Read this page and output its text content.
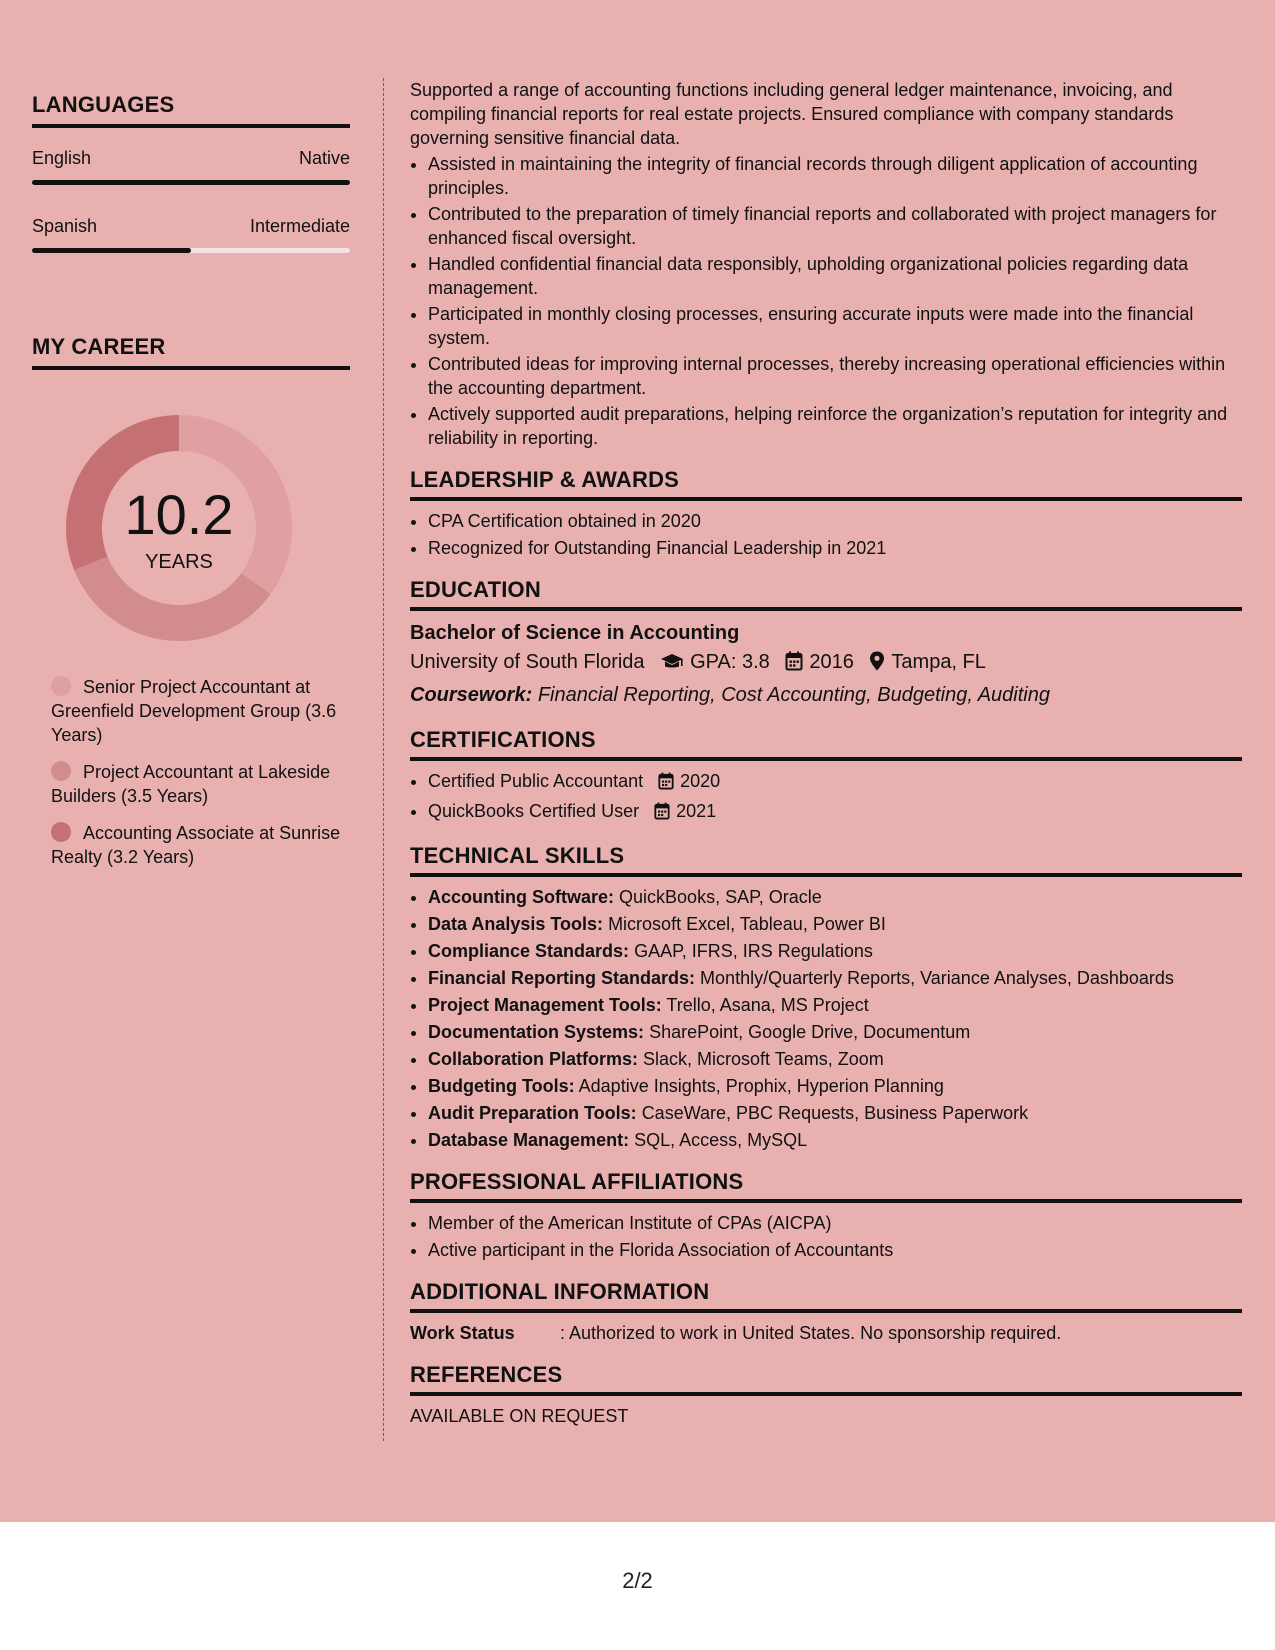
LANGUAGES
English	Native
Spanish	Intermediate
MY CAREER
10.2
YEARS
Senior Project Accountant at Greenfield Development Group (3.6 Years)
Project Accountant at Lakeside Builders (3.5 Years)
Accounting Associate at Sunrise Realty (3.2 Years)

Supported a range of accounting functions including general ledger maintenance, invoicing, and compiling financial reports for real estate projects. Ensured compliance with company standards governing sensitive financial data.

• Assisted in maintaining the integrity of financial records through diligent application of accounting principles.
• Contributed to the preparation of timely financial reports and collaborated with project managers for enhanced fiscal oversight.
• Handled confidential financial data responsibly, upholding organizational policies regarding data management.
• Participated in monthly closing processes, ensuring accurate inputs were made into the financial system.
• Contributed ideas for improving internal processes, thereby increasing operational efficiencies within the accounting department.
• Actively supported audit preparations, helping reinforce the organization’s reputation for integrity and reliability in reporting.
LEADERSHIP & AWARDS
• CPA Certification obtained in 2020
• Recognized for Outstanding Financial Leadership in 2021
EDUCATION
Bachelor of Science in Accounting
University of South Florida GPA: 3.8 2016 Tampa, FL
Coursework: Financial Reporting, Cost Accounting, Budgeting, Auditing
CERTIFICATIONS
• Certified Public Accountant 2020
• QuickBooks Certified User 2021
TECHNICAL SKILLS
• Accounting Software: QuickBooks, SAP, Oracle
• Data Analysis Tools: Microsoft Excel, Tableau, Power BI
• Compliance Standards: GAAP, IFRS, IRS Regulations
• Financial Reporting Standards: Monthly/Quarterly Reports, Variance Analyses, Dashboards
• Project Management Tools: Trello, Asana, MS Project
• Documentation Systems: SharePoint, Google Drive, Documentum
• Collaboration Platforms: Slack, Microsoft Teams, Zoom
• Budgeting Tools: Adaptive Insights, Prophix, Hyperion Planning
• Audit Preparation Tools: CaseWare, PBC Requests, Business Paperwork
• Database Management: SQL, Access, MySQL
PROFESSIONAL AFFILIATIONS
• Member of the American Institute of CPAs (AICPA)
• Active participant in the Florida Association of Accountants
ADDITIONAL INFORMATION
Work Status	: Authorized to work in United States. No sponsorship required.
REFERENCES
AVAILABLE ON REQUEST
2/2
